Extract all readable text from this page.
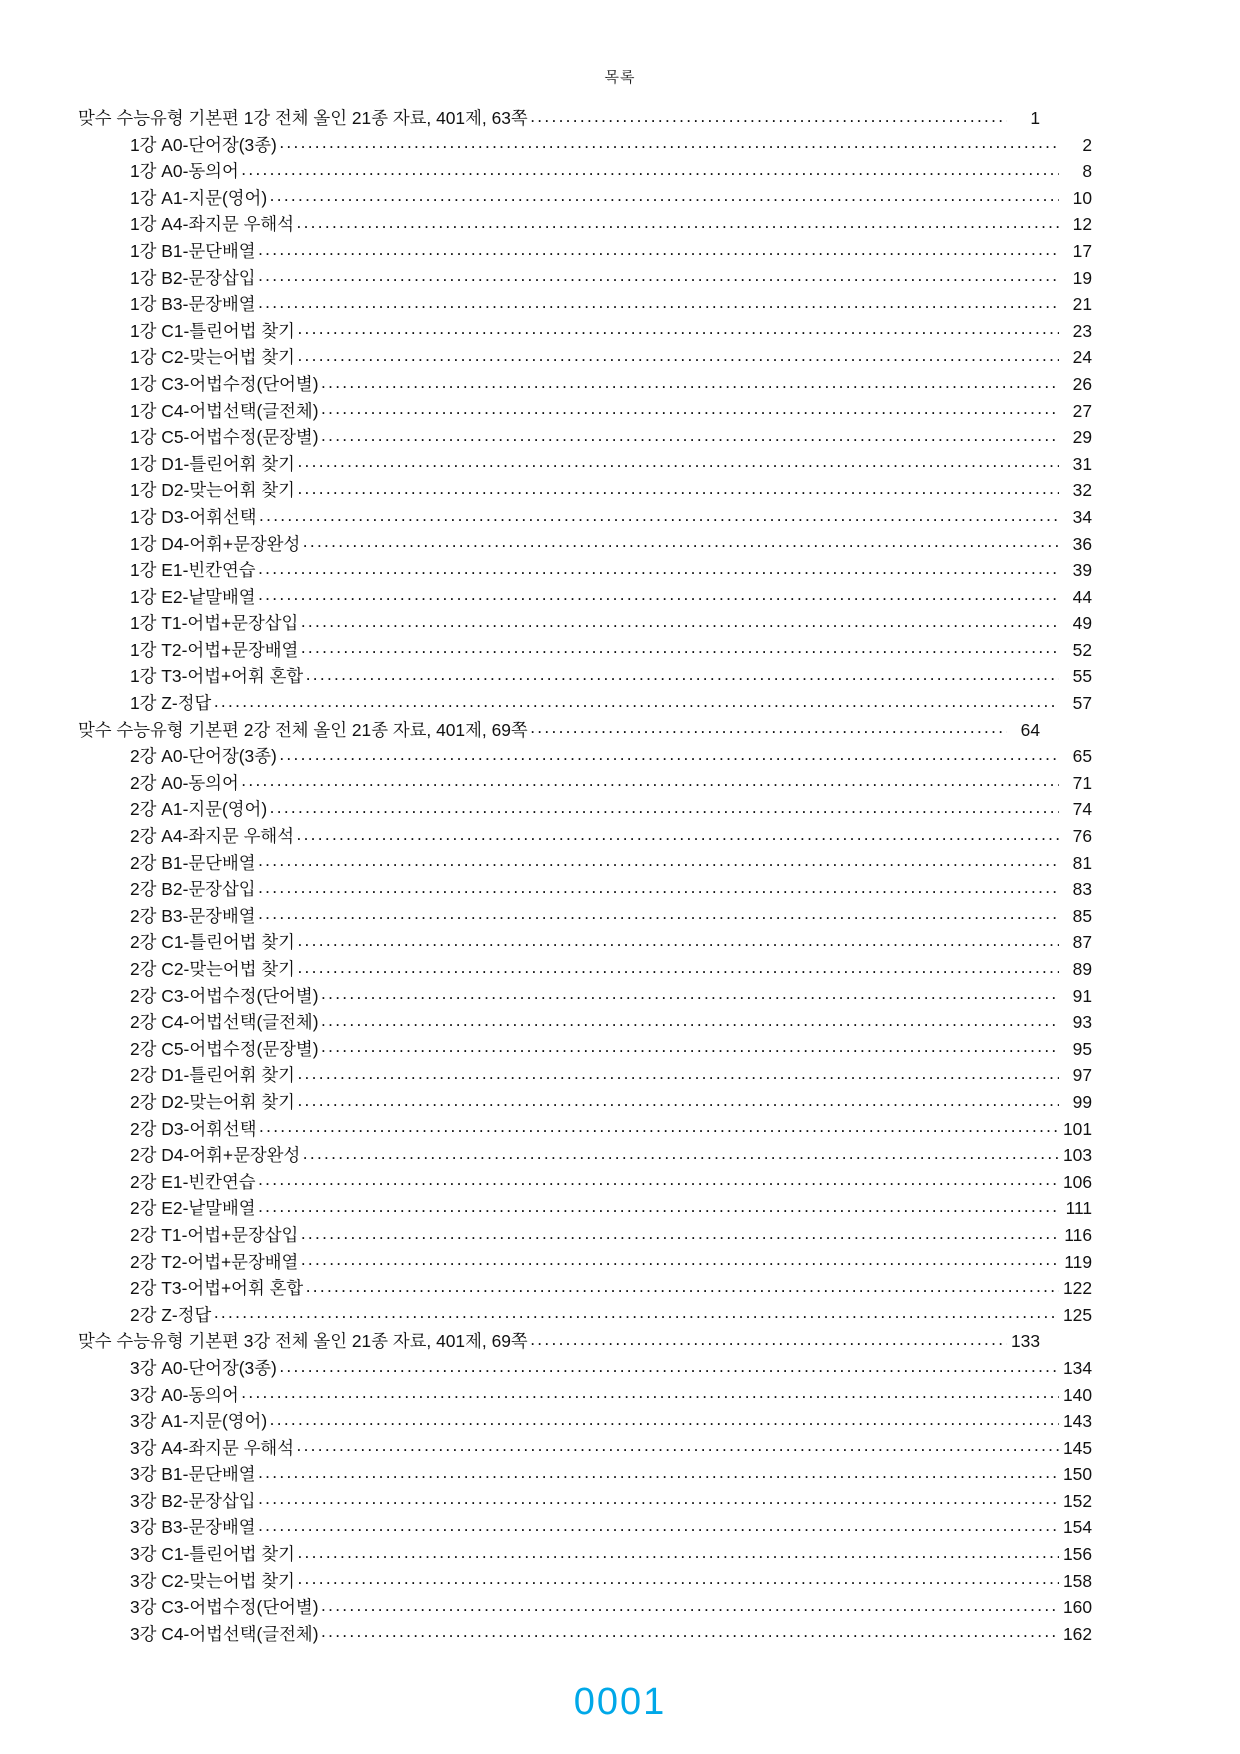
목록
맞수 수능유형 기본편 1강 전체 올인 21종 자료, 401제, 63쪽 ·····	1
1강 A0-단어장(3종) ·····	2
1강 A0-동의어 ·····	8
1강 A1-지문(영어) ·····	10
1강 A4-좌지문 우해석 ·····	12
1강 B1-문단배열 ·····	17
1강 B2-문장삽입 ·····	19
1강 B3-문장배열 ·····	21
1강 C1-틀린어법 찾기 ·····	23
1강 C2-맞는어법 찾기 ·····	24
1강 C3-어법수정(단어별) ·····	26
1강 C4-어법선택(글전체) ·····	27
1강 C5-어법수정(문장별) ·····	29
1강 D1-틀린어휘 찾기 ·····	31
1강 D2-맞는어휘 찾기 ·····	32
1강 D3-어휘선택 ·····	34
1강 D4-어휘+문장완성 ·····	36
1강 E1-빈칸연습 ·····	39
1강 E2-낱말배열 ·····	44
1강 T1-어법+문장삽입 ·····	49
1강 T2-어법+문장배열 ·····	52
1강 T3-어법+어휘 혼합 ·····	55
1강 Z-정답 ·····	57
맞수 수능유형 기본편 2강 전체 올인 21종 자료, 401제, 69쪽 ·····	64
2강 A0-단어장(3종) ·····	65
2강 A0-동의어 ·····	71
2강 A1-지문(영어) ·····	74
2강 A4-좌지문 우해석 ·····	76
2강 B1-문단배열 ·····	81
2강 B2-문장삽입 ·····	83
2강 B3-문장배열 ·····	85
2강 C1-틀린어법 찾기 ·····	87
2강 C2-맞는어법 찾기 ·····	89
2강 C3-어법수정(단어별) ·····	91
2강 C4-어법선택(글전체) ·····	93
2강 C5-어법수정(문장별) ·····	95
2강 D1-틀린어휘 찾기 ·····	97
2강 D2-맞는어휘 찾기 ·····	99
2강 D3-어휘선택 ·····	101
2강 D4-어휘+문장완성 ·····	103
2강 E1-빈칸연습 ·····	106
2강 E2-낱말배열 ·····	111
2강 T1-어법+문장삽입 ·····	116
2강 T2-어법+문장배열 ·····	119
2강 T3-어법+어휘 혼합 ·····	122
2강 Z-정답 ·····	125
맞수 수능유형 기본편 3강 전체 올인 21종 자료, 401제, 69쪽 ·····	133
3강 A0-단어장(3종) ·····	134
3강 A0-동의어 ·····	140
3강 A1-지문(영어) ·····	143
3강 A4-좌지문 우해석 ·····	145
3강 B1-문단배열 ·····	150
3강 B2-문장삽입 ·····	152
3강 B3-문장배열 ·····	154
3강 C1-틀린어법 찾기 ·····	156
3강 C2-맞는어법 찾기 ·····	158
3강 C3-어법수정(단어별) ·····	160
3강 C4-어법선택(글전체) ·····	162
0001
